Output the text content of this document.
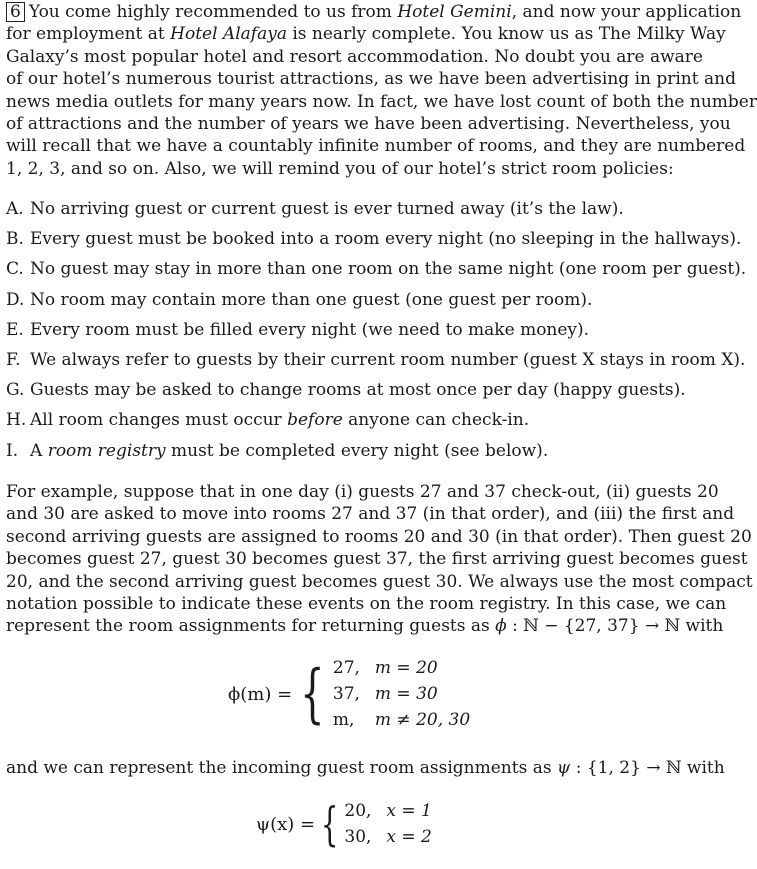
6 You come highly recommended to us from Hotel Gemini, and now your application
for employment at Hotel Alafaya is nearly complete. You know us as The Milky Way
Galaxy’s most popular hotel and resort accommodation. No doubt you are aware
of our hotel’s numerous tourist attractions, as we have been advertising in print and
news media outlets for many years now. In fact, we have lost count of both the number
of attractions and the number of years we have been advertising. Nevertheless, you
will recall that we have a countably infinite number of rooms, and they are numbered
1, 2, 3, and so on. Also, we will remind you of our hotel’s strict room policies:
A. No arriving guest or current guest is ever turned away (it’s the law).
B. Every guest must be booked into a room every night (no sleeping in the hallways).
C. No guest may stay in more than one room on the same night (one room per guest).
D. No room may contain more than one guest (one guest per room).
E. Every room must be filled every night (we need to make money).
F. We always refer to guests by their current room number (guest X stays in room X).
G. Guests may be asked to change rooms at most once per day (happy guests).
H. All room changes must occur before anyone can check-in.
I. A room registry must be completed every night (see below).
For example, suppose that in one day (i) guests 27 and 37 check-out, (ii) guests 20
and 30 are asked to move into rooms 27 and 37 (in that order), and (iii) the first and
second arriving guests are assigned to rooms 20 and 30 (in that order). Then guest 20
becomes guest 27, guest 30 becomes guest 37, the first arriving guest becomes guest
20, and the second arriving guest becomes guest 30. We always use the most compact
notation possible to indicate these events on the room registry. In this case, we can
represent the room assignments for returning guests as ϕ : ℕ − {27, 37} → ℕ with
ϕ(m) = { 27, m = 20
37, m = 30
m, m ≠ 20, 30
and we can represent the incoming guest room assignments as ψ : {1, 2} → ℕ with
ψ(x) = { 20, x = 1
30, x = 2
